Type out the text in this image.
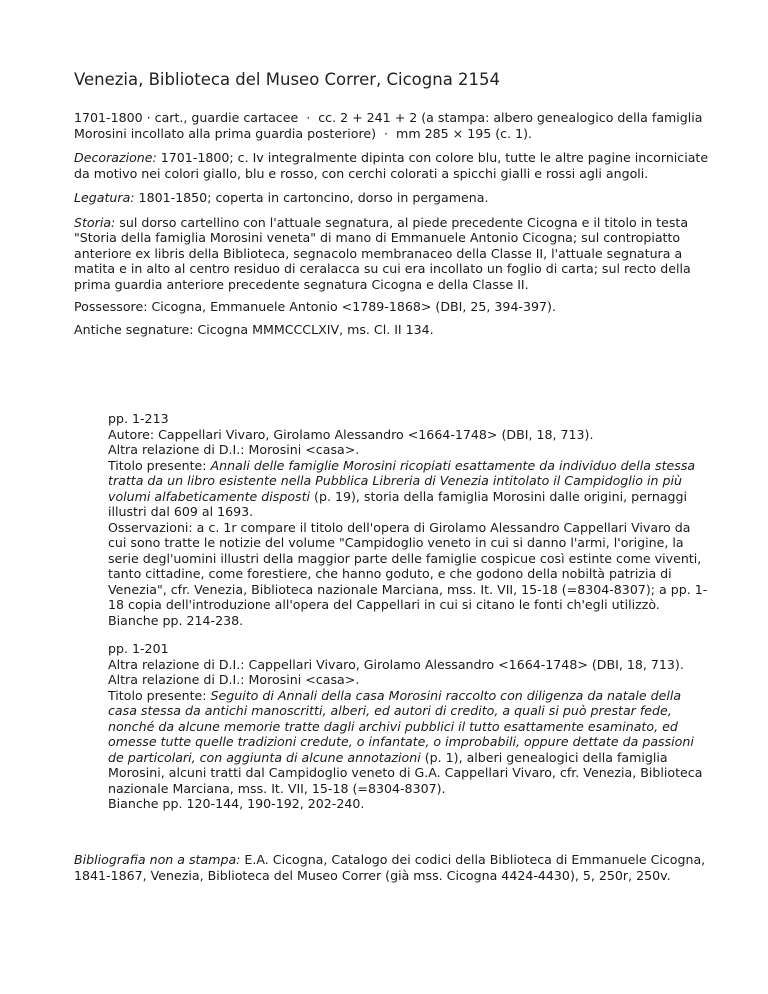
Venezia, Biblioteca del Museo Correr, Cicogna 2154

1701-1800 · cart., guardie cartacee  ·  cc. 2 + 241 + 2 (a stampa: albero genealogico della famiglia Morosini incollato alla prima guardia posteriore)  ·  mm 285 × 195 (c. 1).

Decorazione: 1701-1800; c. Iv integralmente dipinta con colore blu, tutte le altre pagine incorniciate da motivo nei colori giallo, blu e rosso, con cerchi colorati a spicchi gialli e rossi agli angoli.

Legatura: 1801-1850; coperta in cartoncino, dorso in pergamena.

Storia: sul dorso cartellino con l'attuale segnatura, al piede precedente Cicogna e il titolo in testa "Storia della famiglia Morosini veneta" di mano di Emmanuele Antonio Cicogna; sul contropiatto anteriore ex libris della Biblioteca, segnacolo membranaceo della Classe II, l'attuale segnatura a matita e in alto al centro residuo di ceralacca su cui era incollato un foglio di carta; sul recto della prima guardia anteriore precedente segnatura Cicogna e della Classe II.

Possessore: Cicogna, Emmanuele Antonio <1789-1868> (DBI, 25, 394-397).

Antiche segnature: Cicogna MMMCCCLXIV, ms. Cl. II 134.

pp. 1-213
Autore: Cappellari Vivaro, Girolamo Alessandro <1664-1748> (DBI, 18, 713).
Altra relazione di D.I.: Morosini <casa>.
Titolo presente: Annali delle famiglie Morosini ricopiati esattamente da individuo della stessa tratta da un libro esistente nella Pubblica Libreria di Venezia intitolato il Campidoglio in più volumi alfabeticamente disposti (p. 19), storia della famiglia Morosini dalle origini, pernaggi illustri dal 609 al 1693.
Osservazioni: a c. 1r compare il titolo dell'opera di Girolamo Alessandro Cappellari Vivaro da cui sono tratte le notizie del volume "Campidoglio veneto in cui si danno l'armi, l'origine, la serie degl'uomini illustri della maggior parte delle famiglie cospicue così estinte come viventi, tanto cittadine, come forestiere, che hanno goduto, e che godono della nobiltà patrizia di Venezia", cfr. Venezia, Biblioteca nazionale Marciana, mss. It. VII, 15-18 (=8304-8307); a pp. 1-18 copia dell'introduzione all'opera del Cappellari in cui si citano le fonti ch'egli utilizzò.
Bianche pp. 214-238.
pp. 1-201
Altra relazione di D.I.: Cappellari Vivaro, Girolamo Alessandro <1664-1748> (DBI, 18, 713).
Altra relazione di D.I.: Morosini <casa>.
Titolo presente: Seguito di Annali della casa Morosini raccolto con diligenza da natale della casa stessa da antichi manoscritti, alberi, ed autori di credito, a quali si può prestar fede, nonché da alcune memorie tratte dagli archivi pubblici il tutto esattamente esaminato, ed omesse tutte quelle tradizioni credute, o infantate, o improbabili, oppure dettate da passioni de particolari, con aggiunta di alcune annotazioni (p. 1), alberi genealogici della famiglia Morosini, alcuni tratti dal Campidoglio veneto di G.A. Cappellari Vivaro, cfr. Venezia, Biblioteca nazionale Marciana, mss. It. VII, 15-18 (=8304-8307).
Bianche pp. 120-144, 190-192, 202-240.

Bibliografia non a stampa: E.A. Cicogna, Catalogo dei codici della Biblioteca di Emmanuele Cicogna, 1841-1867, Venezia, Biblioteca del Museo Correr (già mss. Cicogna 4424-4430), 5, 250r, 250v.
